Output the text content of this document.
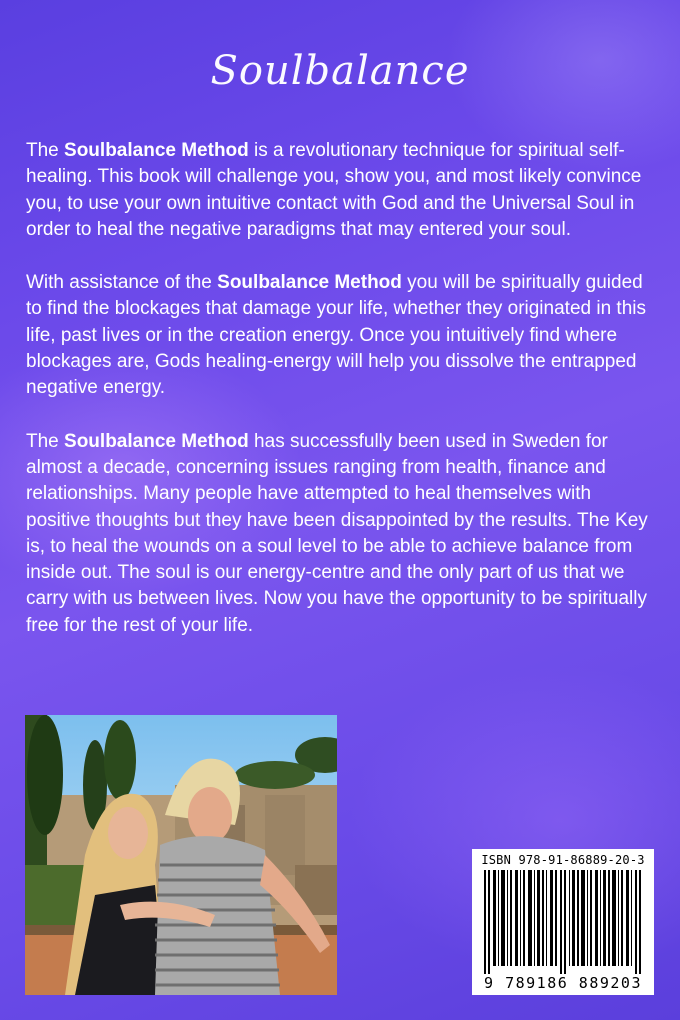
Soulbalance

The Soulbalance Method is a revolutionary technique for spiritual self-healing. This book will challenge you, show you, and most likely convince you, to use your own intuitive contact with God and the Universal Soul in order to heal the negative paradigms that may entered your soul.

With assistance of the Soulbalance Method you will be spiritually guided to find the blockages that damage your life, whether they originated in this life, past lives or in the creation energy. Once you intuitively find where blockages are, Gods healing-energy will help you dissolve the entrapped negative energy.

The Soulbalance Method has successfully been used in Sweden for almost a decade, concerning issues ranging from health, finance and relationships. Many people have attempted to heal themselves with positive thoughts but they have been disappointed by the results. The Key is, to heal the wounds on a soul level to be able to achieve balance from inside out. The soul is our energy-centre and the only part of us that we carry with us between lives. Now you have the opportunity to be spiritually free for the rest of your life.

ISBN 978-91-86889-20-3
9 789186 889203
